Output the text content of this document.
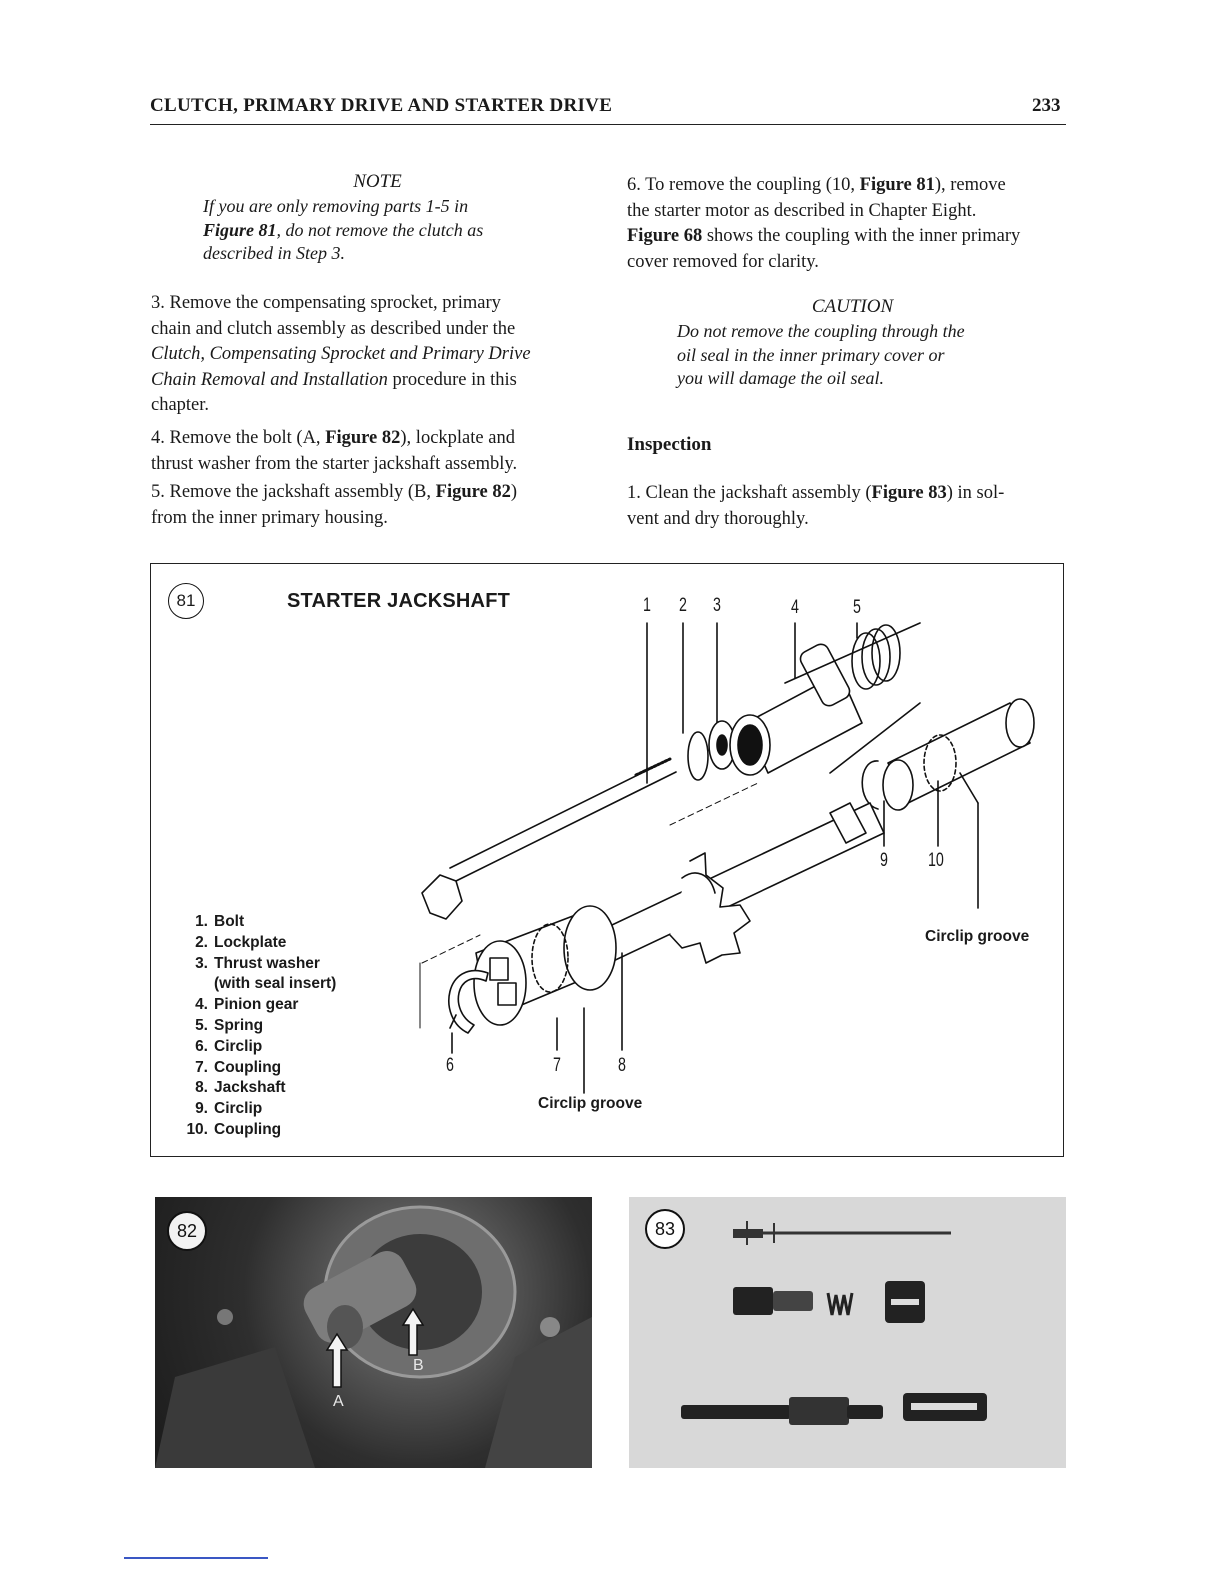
CLUTCH, PRIMARY DRIVE AND STARTER DRIVE	233
NOTE
If you are only removing parts 1-5 in
Figure 81, do not remove the clutch as
described in Step 3.
3. Remove the compensating sprocket, primary
chain and clutch assembly as described under the
Clutch, Compensating Sprocket and Primary Drive
Chain Removal and Installation procedure in this
chapter.
4. Remove the bolt (A, Figure 82), lockplate and
thrust washer from the starter jackshaft assembly.
5. Remove the jackshaft assembly (B, Figure 82)
from the inner primary housing.
6. To remove the coupling (10, Figure 81), remove
the starter motor as described in Chapter Eight.
Figure 68 shows the coupling with the inner primary
cover removed for clarity.
CAUTION
Do not remove the coupling through the
oil seal in the inner primary cover or
you will damage the oil seal.
Inspection
1. Clean the jackshaft assembly (Figure 83) in sol-
vent and dry thoroughly.
81	STARTER JACKSHAFT
1. Bolt
2. Lockplate
3. Thrust washer
(with seal insert)
4. Pinion gear
5. Spring
6. Circlip
7. Coupling
8. Jackshaft
9. Circlip
10. Coupling
1 2 3	4	5
6	7	8
9 10
Circlip groove
Circlip groove
82
A
B
83
